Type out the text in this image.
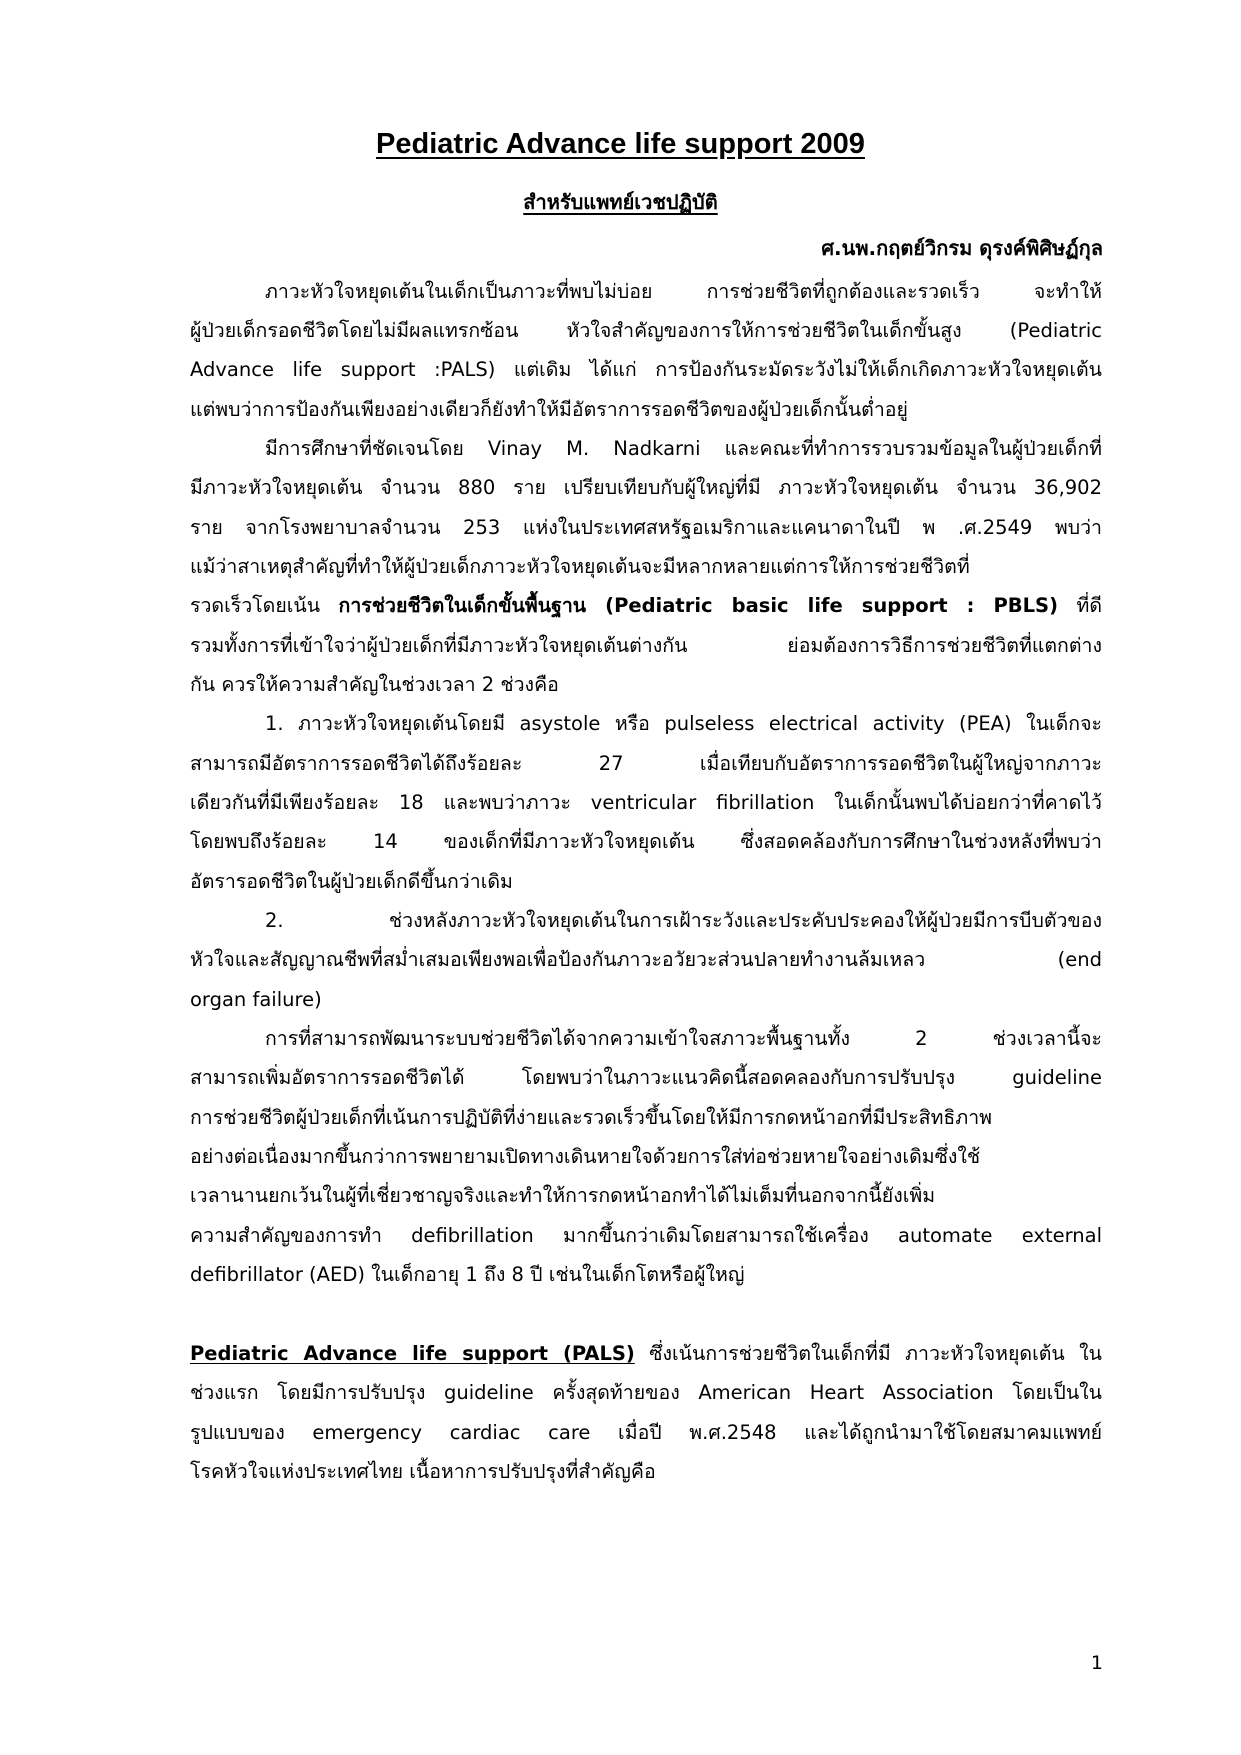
Pediatric Advance life support 2009
สำหรับแพทย์เวชปฏิบัติ
ศ.นพ.กฤตย์วิกรม ดุรงค์พิศิษฏ์กุล
ภาวะหัวใจหยุดเต้นในเด็กเป็นภาวะที่พบไม่บ่อย การช่วยชีวิตที่ถูกต้องและรวดเร็ว จะทำให้
ผู้ป่วยเด็กรอดชีวิตโดยไม่มีผลแทรกซ้อน หัวใจสำคัญของการให้การช่วยชีวิตในเด็กขั้นสูง (Pediatric
Advance life support :PALS) แต่เดิม ได้แก่ การป้องกันระมัดระวังไม่ให้เด็กเกิดภาวะหัวใจหยุดเต้น
แต่พบว่าการป้องกันเพียงอย่างเดียวก็ยังทำให้มีอัตราการรอดชีวิตของผู้ป่วยเด็กนั้นต่ำอยู่
มีการศึกษาที่ชัดเจนโดย Vinay M. Nadkarni และคณะที่ทำการรวบรวมข้อมูลในผู้ป่วยเด็กที่
มีภาวะหัวใจหยุดเต้น จำนวน 880 ราย เปรียบเทียบกับผู้ใหญ่ที่มี ภาวะหัวใจหยุดเต้น จำนวน 36,902
ราย จากโรงพยาบาลจำนวน 253 แห่งในประเทศสหรัฐอเมริกาและแคนาดาในปี พ .ศ.2549 พบว่า
แม้ว่าสาเหตุสำคัญที่ทำให้ผู้ป่วยเด็กภาวะหัวใจหยุดเต้นจะมีหลากหลายแต่การให้การช่วยชีวิตที่
รวดเร็วโดยเน้น การช่วยชีวิตในเด็กขั้นพื้นฐาน (Pediatric basic life support : PBLS) ที่ดี
รวมทั้งการที่เข้าใจว่าผู้ป่วยเด็กที่มีภาวะหัวใจหยุดเต้นต่างกัน ย่อมต้องการวิธีการช่วยชีวิตที่แตกต่าง
กัน ควรให้ความสำคัญในช่วงเวลา 2 ช่วงคือ
1. ภาวะหัวใจหยุดเต้นโดยมี asystole หรือ pulseless electrical activity (PEA) ในเด็กจะ
สามารถมีอัตราการรอดชีวิตได้ถึงร้อยละ 27 เมื่อเทียบกับอัตราการรอดชีวิตในผู้ใหญ่จากภาวะ
เดียวกันที่มีเพียงร้อยละ 18 และพบว่าภาวะ ventricular fibrillation ในเด็กนั้นพบได้บ่อยกว่าที่คาดไว้
โดยพบถึงร้อยละ 14 ของเด็กที่มีภาวะหัวใจหยุดเต้น ซึ่งสอดคล้องกับการศึกษาในช่วงหลังที่พบว่า
อัตรารอดชีวิตในผู้ป่วยเด็กดีขึ้นกว่าเดิม
2. ช่วงหลังภาวะหัวใจหยุดเต้นในการเฝ้าระวังและประคับประคองให้ผู้ป่วยมีการบีบตัวของ
หัวใจและสัญญาณชีพที่สม่ำเสมอเพียงพอเพื่อป้องกันภาวะอวัยวะส่วนปลายทำงานล้มเหลว (end
organ failure)
การที่สามารถพัฒนาระบบช่วยชีวิตได้จากความเข้าใจสภาวะพื้นฐานทั้ง 2 ช่วงเวลานี้จะ
สามารถเพิ่มอัตราการรอดชีวิตได้ โดยพบว่าในภาวะแนวคิดนี้สอดคลองกับการปรับปรุง guideline
การช่วยชีวิตผู้ป่วยเด็กที่เน้นการปฏิบัติที่ง่ายและรวดเร็วขึ้นโดยให้มีการกดหน้าอกที่มีประสิทธิภาพ
อย่างต่อเนื่องมากขึ้นกว่าการพยายามเปิดทางเดินหายใจด้วยการใส่ท่อช่วยหายใจอย่างเดิมซึ่งใช้
เวลานานยกเว้นในผู้ที่เชี่ยวชาญจริงและทำให้การกดหน้าอกทำได้ไม่เต็มที่นอกจากนี้ยังเพิ่ม
ความสำคัญของการทำ defibrillation มากขึ้นกว่าเดิมโดยสามารถใช้เครื่อง automate external
defibrillator (AED) ในเด็กอายุ 1 ถึง 8 ปี เช่นในเด็กโตหรือผู้ใหญ่
Pediatric Advance life support (PALS) ซึ่งเน้นการช่วยชีวิตในเด็กที่มี ภาวะหัวใจหยุดเต้น ใน
ช่วงแรก โดยมีการปรับปรุง guideline ครั้งสุดท้ายของ American Heart Association โดยเป็นใน
รูปแบบของ emergency cardiac care เมื่อปี พ.ศ.2548 และได้ถูกนำมาใช้โดยสมาคมแพทย์
โรคหัวใจแห่งประเทศไทย เนื้อหาการปรับปรุงที่สำคัญคือ
1
